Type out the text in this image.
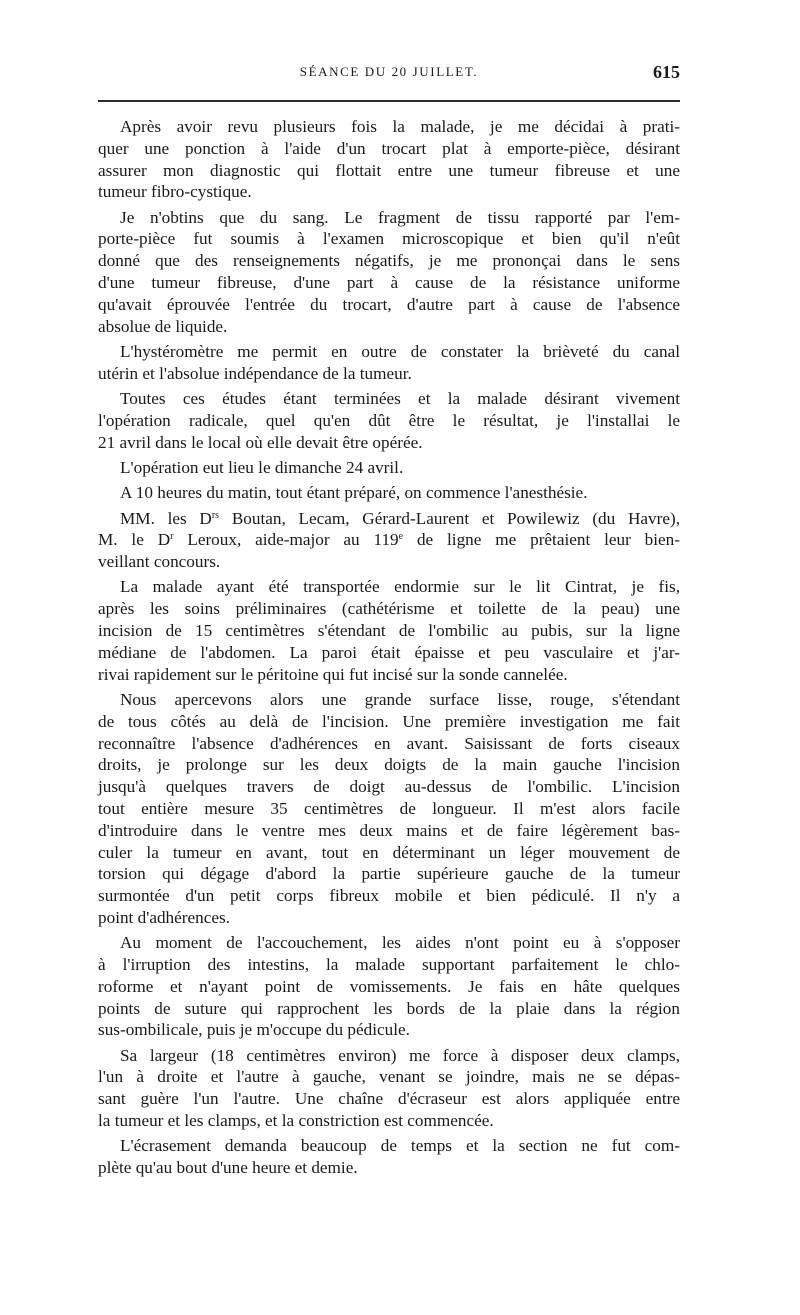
SÉANCE DU 20 JUILLET.	615

Après avoir revu plusieurs fois la malade, je me décidai à prati-
quer une ponction à l'aide d'un trocart plat à emporte-pièce, désirant
assurer mon diagnostic qui flottait entre une tumeur fibreuse et une
tumeur fibro-cystique.

Je n'obtins que du sang. Le fragment de tissu rapporté par l'em-
porte-pièce fut soumis à l'examen microscopique et bien qu'il n'eût
donné que des renseignements négatifs, je me prononçai dans le sens
d'une tumeur fibreuse, d'une part à cause de la résistance uniforme
qu'avait éprouvée l'entrée du trocart, d'autre part à cause de l'absence
absolue de liquide.

L'hystéromètre me permit en outre de constater la brièveté du canal
utérin et l'absolue indépendance de la tumeur.

Toutes ces études étant terminées et la malade désirant vivement
l'opération radicale, quel qu'en dût être le résultat, je l'installai le
21 avril dans le local où elle devait être opérée.

L'opération eut lieu le dimanche 24 avril.

A 10 heures du matin, tout étant préparé, on commence l'anesthésie.

MM. les $D^{rs}$ Boutan, Lecam, Gérard-Laurent et Powilewiz (du Havre),
M. le $D^r$ Leroux, aide-major au 119e de ligne me prêtaient leur bien-
veillant concours.

La malade ayant été transportée endormie sur le lit Cintrat, je fis,
après les soins préliminaires (cathétérisme et toilette de la peau) une
incision de 15 centimètres s'étendant de l'ombilic au pubis, sur la ligne
médiane de l'abdomen. La paroi était épaisse et peu vasculaire et j'ar-
rivai rapidement sur le péritoine qui fut incisé sur la sonde cannelée.

Nous apercevons alors une grande surface lisse, rouge, s'étendant
de tous côtés au delà de l'incision. Une première investigation me fait
reconnaître l'absence d'adhérences en avant. Saisissant de forts ciseaux
droits, je prolonge sur les deux doigts de la main gauche l'incision
jusqu'à quelques travers de doigt au-dessus de l'ombilic. L'incision
tout entière mesure 35 centimètres de longueur. Il m'est alors facile
d'introduire dans le ventre mes deux mains et de faire légèrement bas-
culer la tumeur en avant, tout en déterminant un léger mouvement de
torsion qui dégage d'abord la partie supérieure gauche de la tumeur
surmontée d'un petit corps fibreux mobile et bien pédiculé. Il n'y a
point d'adhérences.

Au moment de l'accouchement, les aides n'ont point eu à s'opposer
à l'irruption des intestins, la malade supportant parfaitement le chlo-
roforme et n'ayant point de vomissements. Je fais en hâte quelques
points de suture qui rapprochent les bords de la plaie dans la région
sus-ombilicale, puis je m'occupe du pédicule.

Sa largeur (18 centimètres environ) me force à disposer deux clamps,
l'un à droite et l'autre à gauche, venant se joindre, mais ne se dépas-
sant guère l'un l'autre. Une chaîne d'écraseur est alors appliquée entre
la tumeur et les clamps, et la constriction est commencée.

L'écrasement demanda beaucoup de temps et la section ne fut com-
plète qu'au bout d'une heure et demie.
